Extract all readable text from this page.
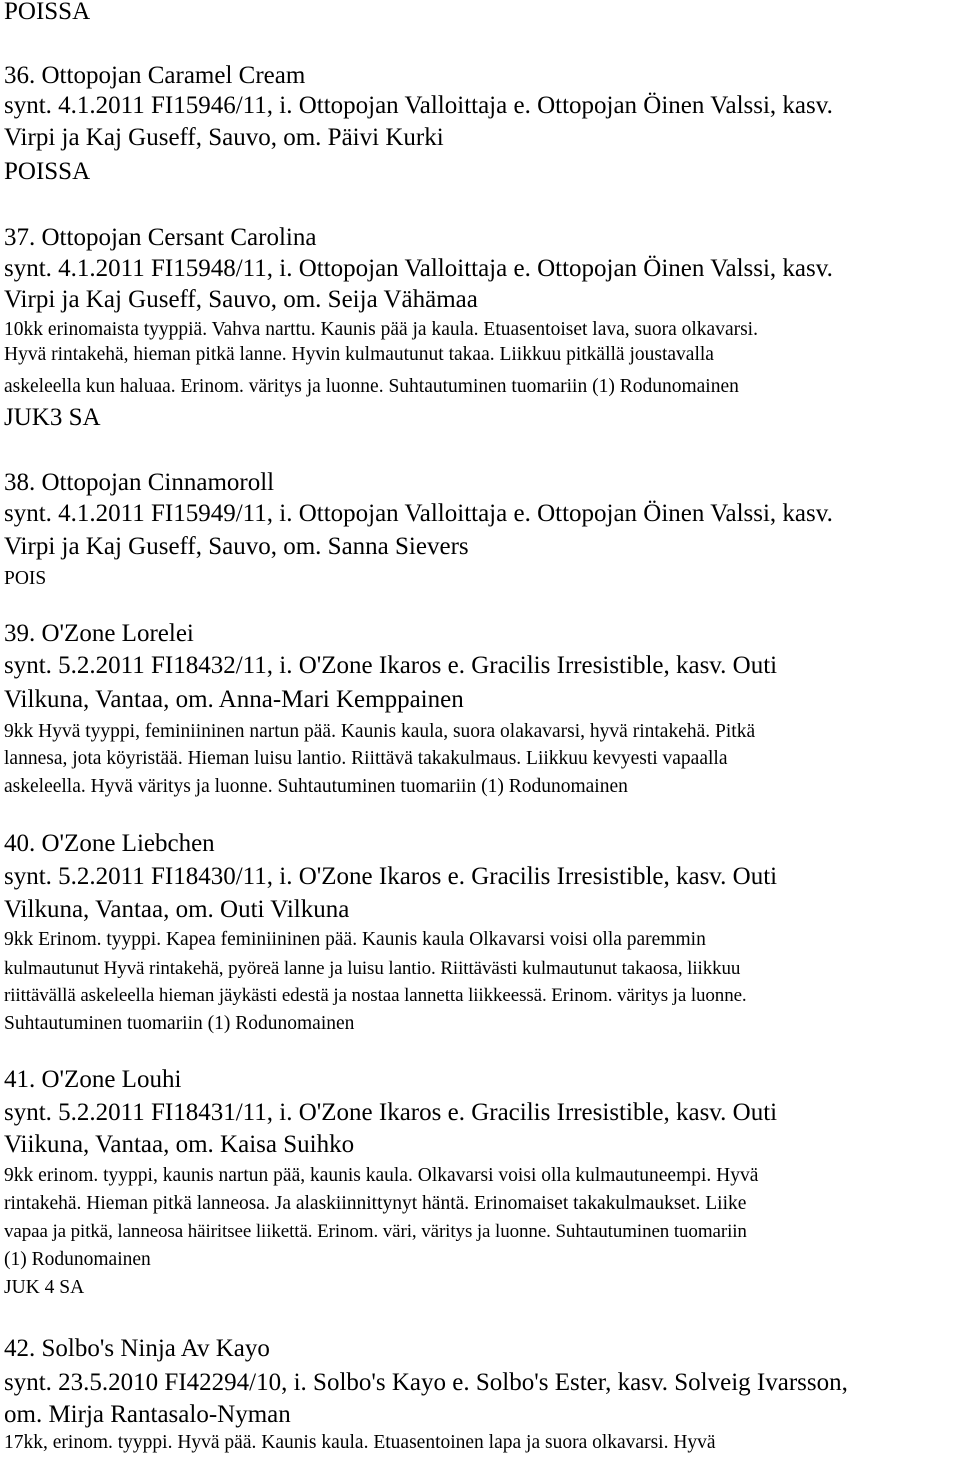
POISSA

36. Ottopojan Caramel Cream

synt. 4.1.2011 FI15946/11, i. Ottopojan Valloittaja e. Ottopojan Öinen Valssi, kasv.

Virpi ja Kaj Guseff, Sauvo, om. Päivi Kurki

POISSA

37. Ottopojan Cersant Carolina

synt. 4.1.2011 FI15948/11, i. Ottopojan Valloittaja e. Ottopojan Öinen Valssi, kasv.

Virpi ja Kaj Guseff, Sauvo, om. Seija Vähämaa

10kk erinomaista tyyppiä. Vahva narttu. Kaunis pää ja kaula. Etuasentoiset lava, suora olkavarsi.

Hyvä rintakehä, hieman pitkä lanne. Hyvin kulmautunut takaa. Liikkuu pitkällä joustavalla

askeleella kun haluaa. Erinom. väritys ja luonne. Suhtautuminen tuomariin (1) Rodunomainen

JUK3 SA

38. Ottopojan Cinnamoroll

synt. 4.1.2011 FI15949/11, i. Ottopojan Valloittaja e. Ottopojan Öinen Valssi, kasv.

Virpi ja Kaj Guseff, Sauvo, om. Sanna Sievers

POIS

39. O'Zone Lorelei

synt. 5.2.2011 FI18432/11, i. O'Zone Ikaros e. Gracilis Irresistible, kasv. Outi

Vilkuna, Vantaa, om. Anna-Mari Kemppainen

9kk Hyvä tyyppi, feminiininen nartun pää. Kaunis kaula, suora olakavarsi, hyvä rintakehä. Pitkä

lannesa, jota köyristää. Hieman luisu lantio. Riittävä takakulmaus. Liikkuu kevyesti vapaalla

askeleella. Hyvä väritys ja luonne. Suhtautuminen tuomariin (1) Rodunomainen

40. O'Zone Liebchen

synt. 5.2.2011 FI18430/11, i. O'Zone Ikaros e. Gracilis Irresistible, kasv. Outi

Vilkuna, Vantaa, om. Outi Vilkuna

9kk Erinom. tyyppi. Kapea feminiininen pää. Kaunis kaula Olkavarsi voisi olla paremmin

kulmautunut Hyvä rintakehä, pyöreä lanne ja luisu lantio. Riittävästi kulmautunut takaosa, liikkuu

riittävällä askeleella hieman jäykästi edestä ja nostaa lannetta liikkeessä. Erinom. väritys ja luonne.

Suhtautuminen tuomariin (1) Rodunomainen

41. O'Zone Louhi

synt. 5.2.2011 FI18431/11, i. O'Zone Ikaros e. Gracilis Irresistible, kasv. Outi

Viikuna, Vantaa, om. Kaisa Suihko

9kk erinom. tyyppi, kaunis nartun pää, kaunis kaula. Olkavarsi voisi olla kulmautuneempi. Hyvä

rintakehä. Hieman pitkä lanneosa. Ja alaskiinnittynyt häntä. Erinomaiset takakulmaukset. Liike

vapaa ja pitkä, lanneosa häiritsee liikettä. Erinom. väri, väritys ja luonne. Suhtautuminen tuomariin

(1) Rodunomainen

JUK 4 SA

42. Solbo's Ninja Av Kayo

synt. 23.5.2010 FI42294/10, i. Solbo's Kayo e. Solbo's Ester, kasv. Solveig Ivarsson,

om. Mirja Rantasalo-Nyman

17kk, erinom. tyyppi. Hyvä pää. Kaunis kaula. Etuasentoinen lapa ja suora olkavarsi. Hyvä
